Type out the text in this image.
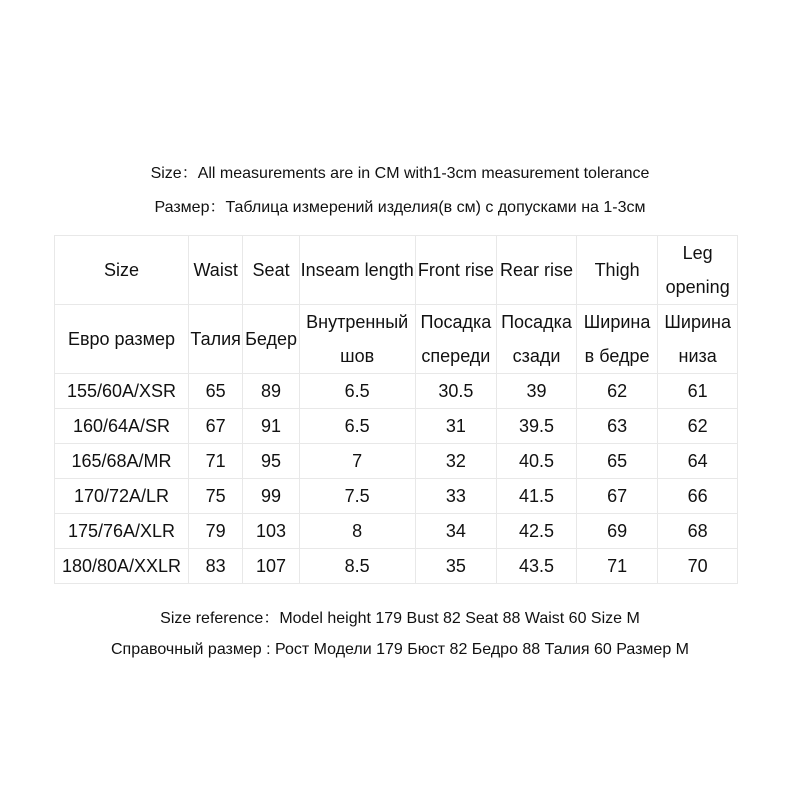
Size：All measurements are in CM with1-3cm measurement tolerance
Размер：Таблица измерений изделия(в см) с допусками на 1-3см
Size	Waist	Seat	Inseam length	Front rise	Rear rise	Thigh	Leg opening
Евро размер	Талия	Бедер	Внутренный шов	Посадка спереди	Посадка сзади	Ширина в бедре	Ширина низа
155/60A/XSR	65	89	6.5	30.5	39	62	61
160/64A/SR	67	91	6.5	31	39.5	63	62
165/68A/MR	71	95	7	32	40.5	65	64
170/72A/LR	75	99	7.5	33	41.5	67	66
175/76A/XLR	79	103	8	34	42.5	69	68
180/80A/XXLR	83	107	8.5	35	43.5	71	70
Size reference：Model height 179 Bust 82 Seat 88 Waist 60 Size M
Справочный размер : Рост Модели 179 Бюст 82 Бедро 88 Талия 60 Размер M
